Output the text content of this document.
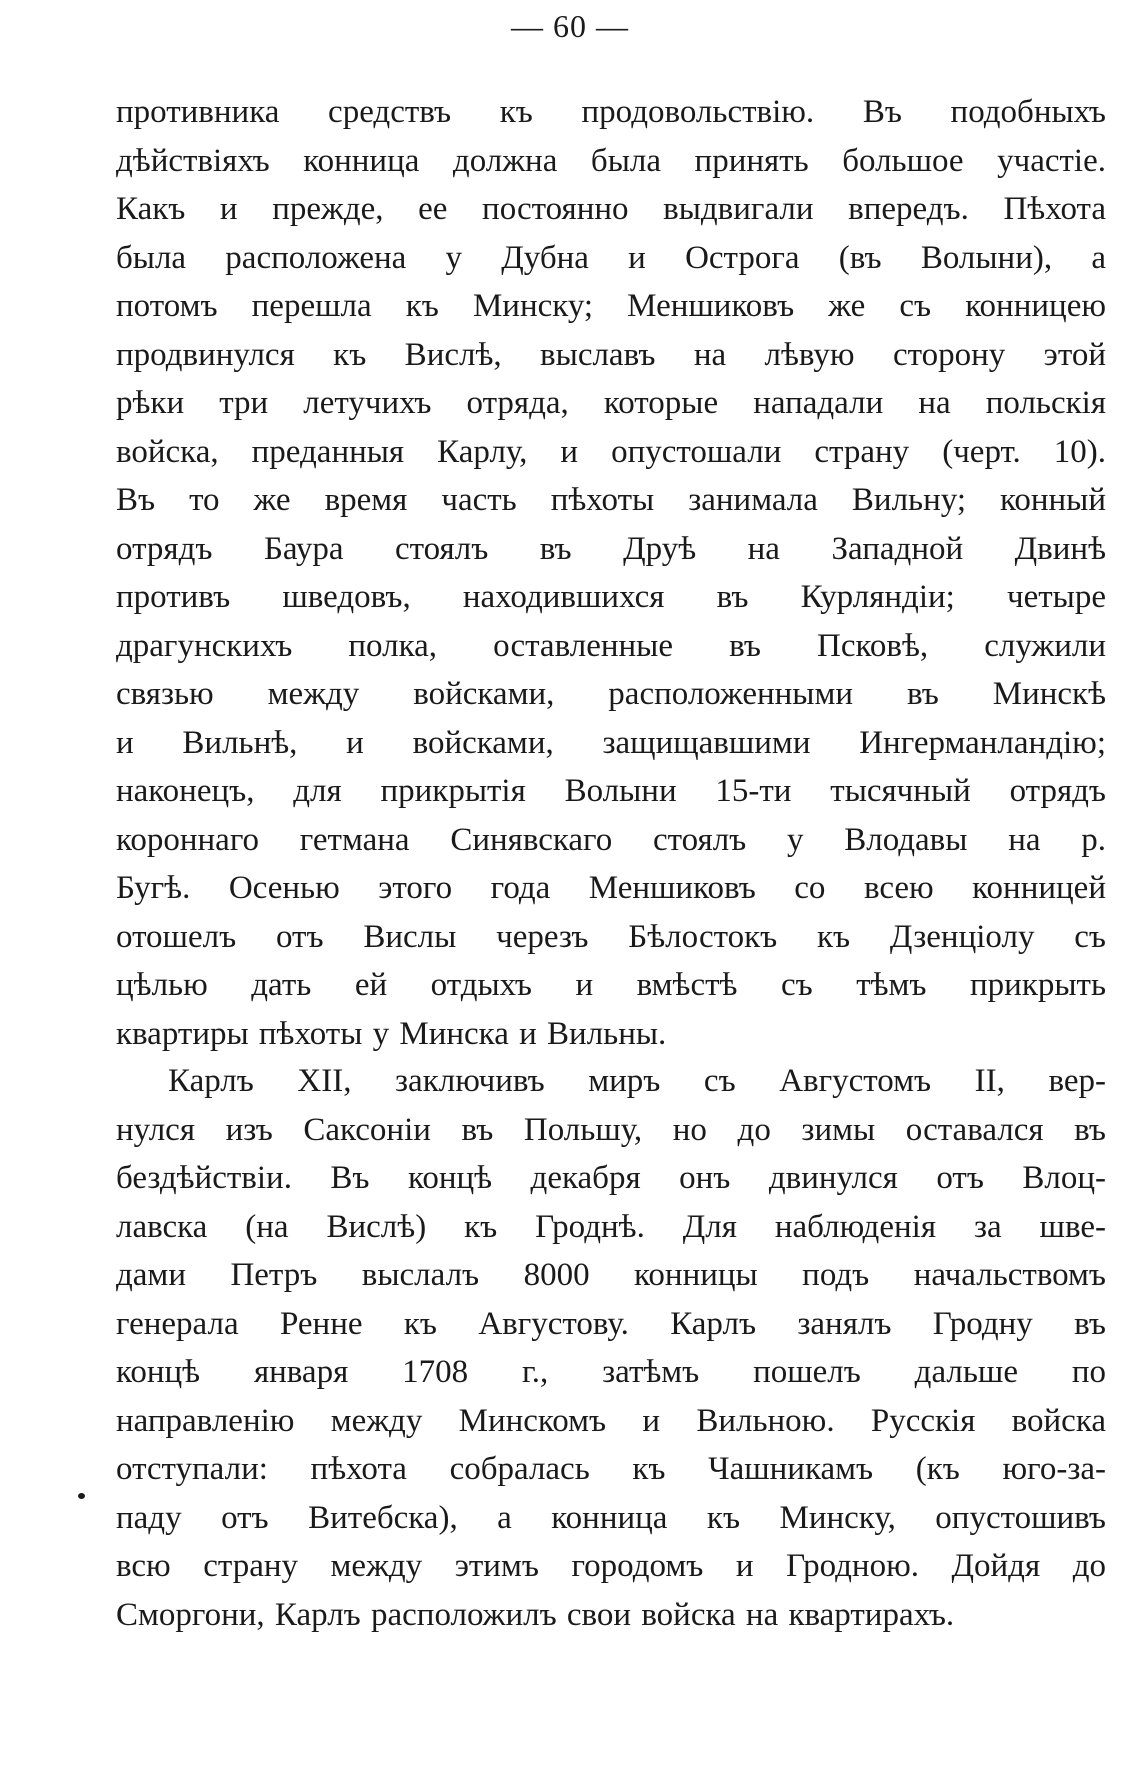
— 60 —
противника средствъ къ продовольствію. Въ подобныхъ
дѣйствіяхъ конница должна была принять большое участіе.
Какъ и прежде, ее постоянно выдвигали впередъ. Пѣхота
была расположена у Дубна и Острога (въ Волыни), а
потомъ перешла къ Минску; Меншиковъ же съ конницею
продвинулся къ Вислѣ, выславъ на лѣвую сторону этой
рѣки три летучихъ отряда, которые нападали на польскія
войска, преданныя Карлу, и опустошали страну (черт. 10).
Въ то же время часть пѣхоты занимала Вильну; конный
отрядъ Баура стоялъ въ Друѣ на Западной Двинѣ
противъ шведовъ, находившихся въ Курляндіи; четыре
драгунскихъ полка, оставленные въ Псковѣ, служили
связью между войсками, расположенными въ Минскѣ
и Вильнѣ, и войсками, защищавшими Ингерманландію;
наконецъ, для прикрытія Волыни 15-ти тысячный отрядъ
короннаго гетмана Синявскаго стоялъ у Влодавы на р.
Бугѣ. Осенью этого года Меншиковъ со всею конницей
отошелъ отъ Вислы черезъ Бѣлостокъ къ Дзенціолу съ
цѣлью дать ей отдыхъ и вмѣстѣ съ тѣмъ прикрыть
квартиры пѣхоты у Минска и Вильны.
Карлъ XII, заключивъ миръ съ Августомъ II, вер-
нулся изъ Саксоніи въ Польшу, но до зимы оставался въ
бездѣйствіи. Въ концѣ декабря онъ двинулся отъ Влоц-
лавска (на Вислѣ) къ Гроднѣ. Для наблюденія за шве-
дами Петръ выслалъ 8000 конницы подъ начальствомъ
генерала Ренне къ Августову. Карлъ занялъ Гродну въ
концѣ января 1708 г., затѣмъ пошелъ дальше по
направленію между Минскомъ и Вильною. Русскія войска
отступали: пѣхота собралась къ Чашникамъ (къ юго-за-
паду отъ Витебска), а конница къ Минску, опустошивъ
всю страну между этимъ городомъ и Гродною. Дойдя до
Сморгони, Карлъ расположилъ свои войска на квартирахъ.
